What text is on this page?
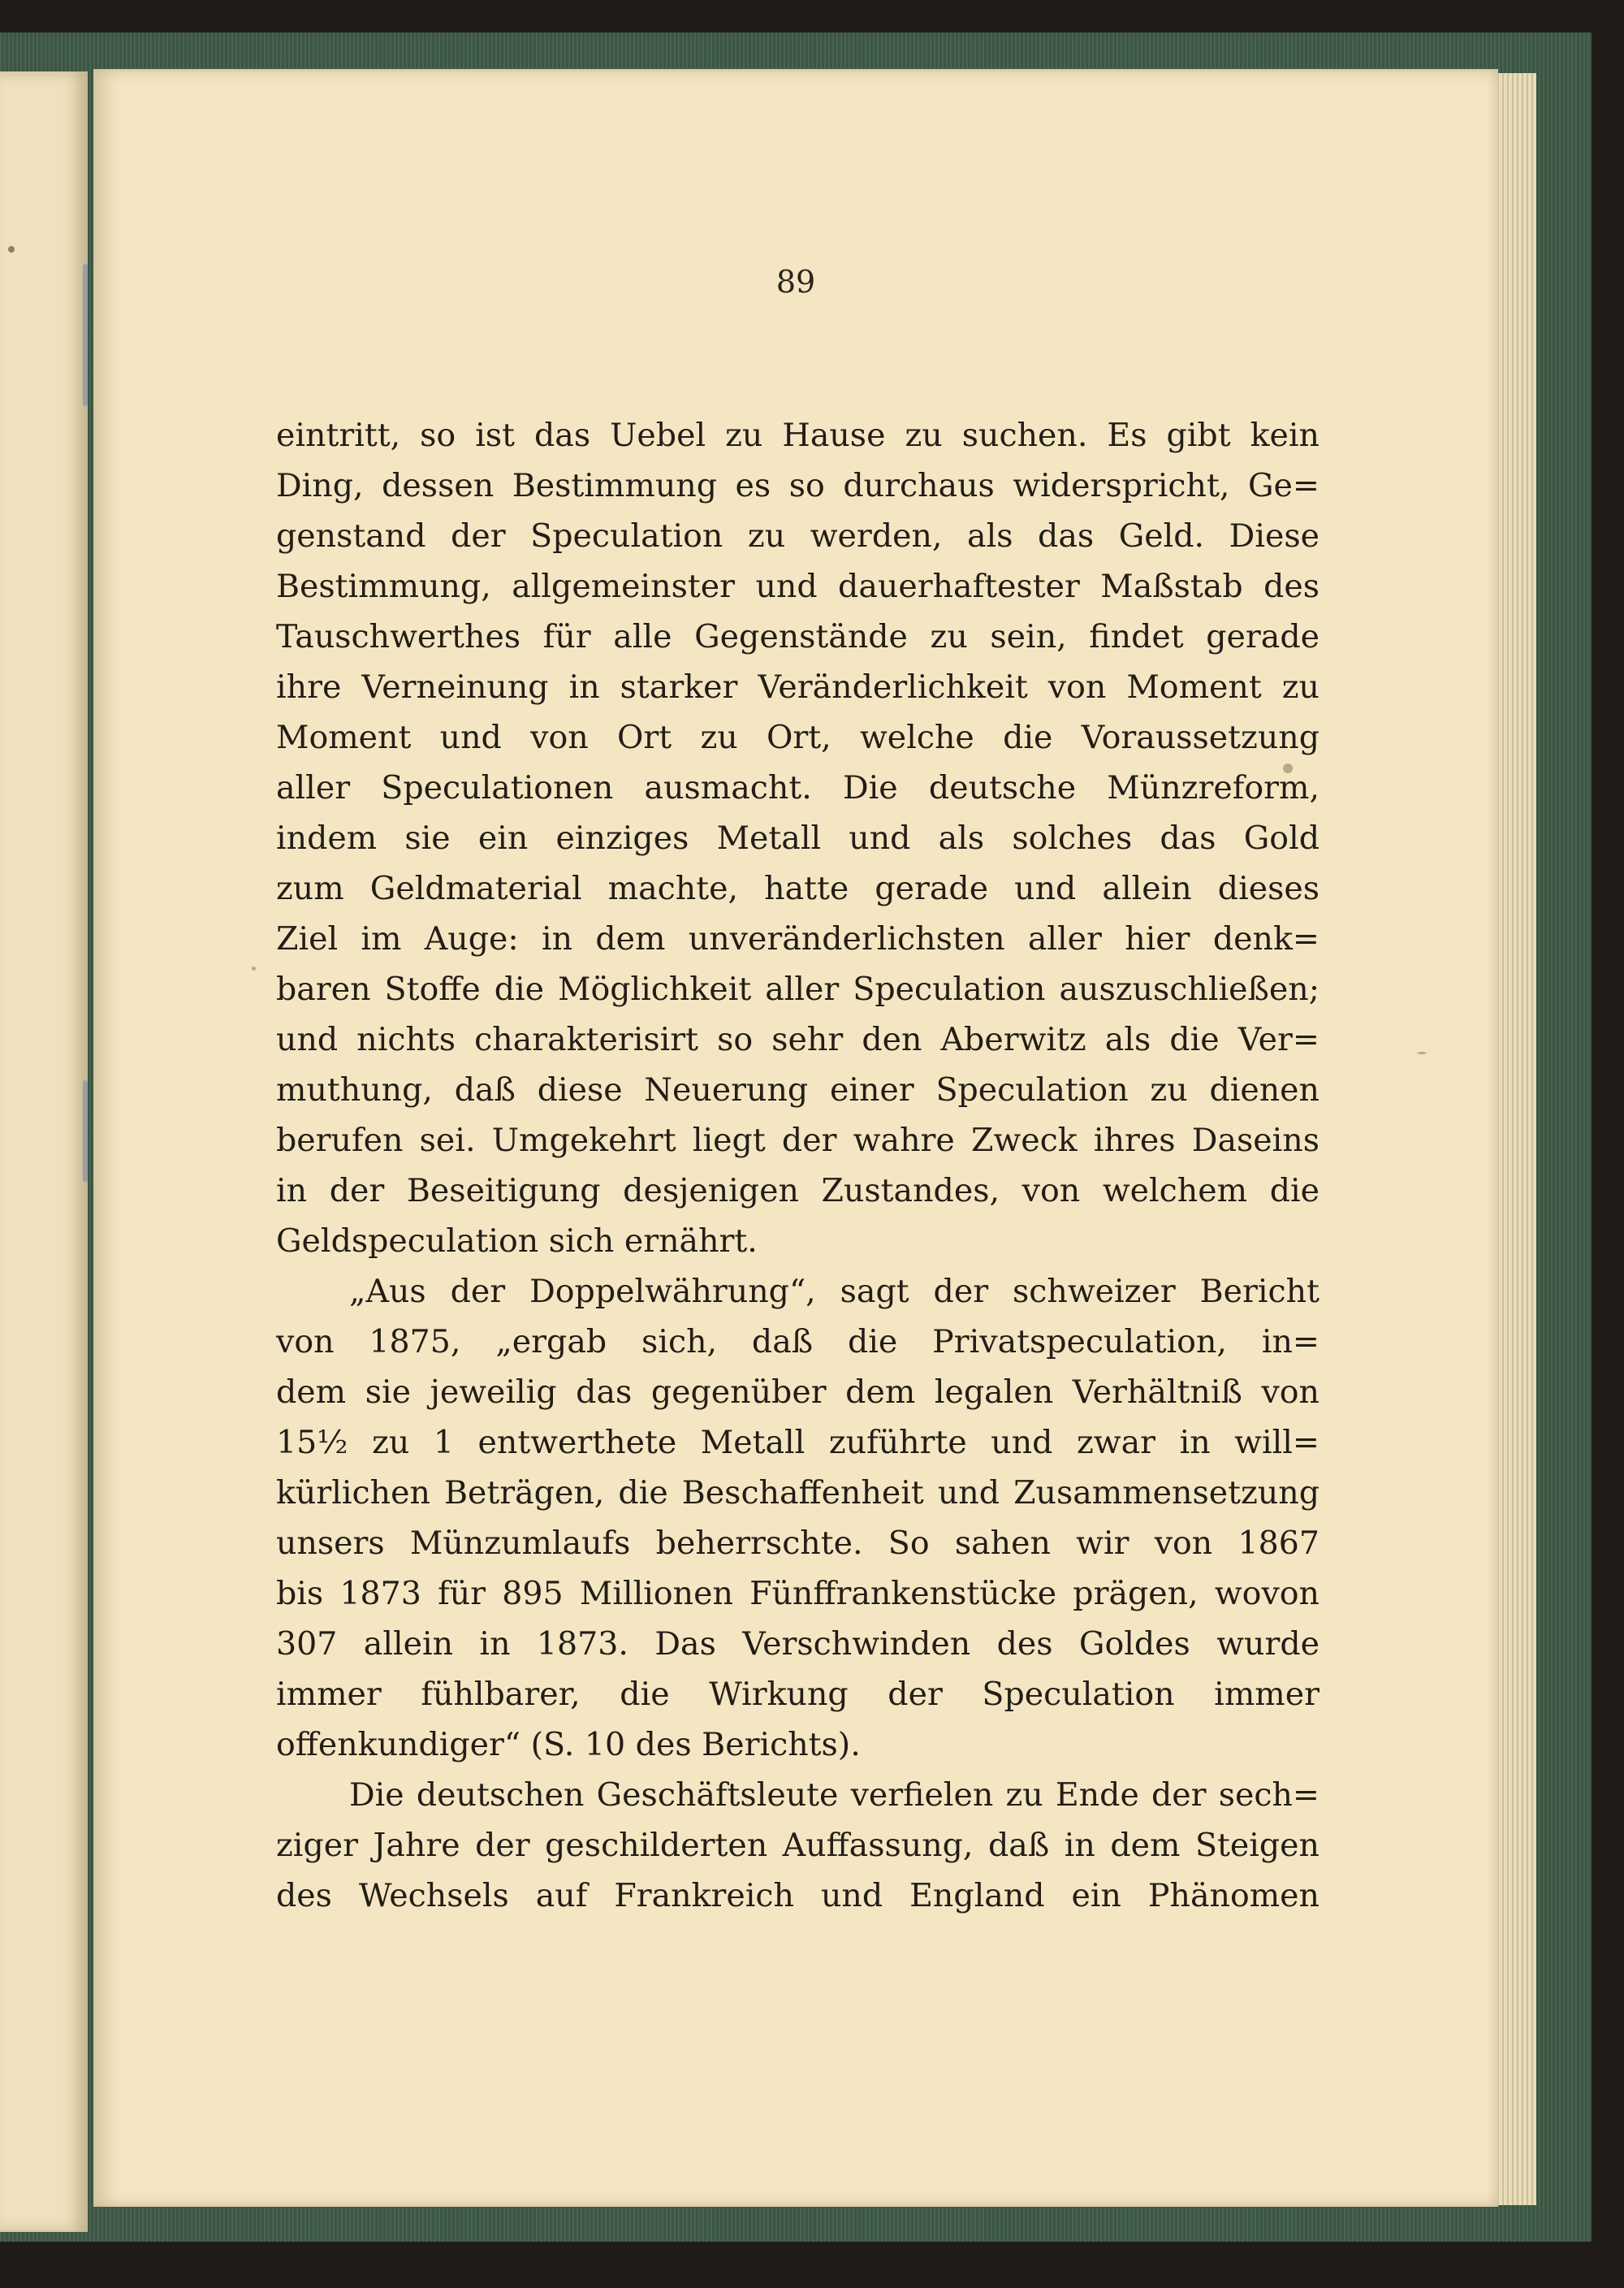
89
eintritt, so ist das Uebel zu Hause zu suchen. Es gibt kein
Ding, dessen Bestimmung es so durchaus widerspricht, Ge=
genstand der Speculation zu werden, als das Geld. Diese
Bestimmung, allgemeinster und dauerhaftester Maßstab des
Tauschwerthes für alle Gegenstände zu sein, findet gerade
ihre Verneinung in starker Veränderlichkeit von Moment zu
Moment und von Ort zu Ort, welche die Voraussetzung
aller Speculationen ausmacht. Die deutsche Münzreform,
indem sie ein einziges Metall und als solches das Gold
zum Geldmaterial machte, hatte gerade und allein dieses
Ziel im Auge: in dem unveränderlichsten aller hier denk=
baren Stoffe die Möglichkeit aller Speculation auszuschließen;
und nichts charakterisirt so sehr den Aberwitz als die Ver=
muthung, daß diese Neuerung einer Speculation zu dienen
berufen sei. Umgekehrt liegt der wahre Zweck ihres Daseins
in der Beseitigung desjenigen Zustandes, von welchem die
Geldspeculation sich ernährt.
„Aus der Doppelwährung“, sagt der schweizer Bericht
von 1875, „ergab sich, daß die Privatspeculation, in=
dem sie jeweilig das gegenüber dem legalen Verhältniß von
15½ zu 1 entwerthete Metall zuführte und zwar in will=
kürlichen Beträgen, die Beschaffenheit und Zusammensetzung
unsers Münzumlaufs beherrschte. So sahen wir von 1867
bis 1873 für 895 Millionen Fünffrankenstücke prägen, wovon
307 allein in 1873. Das Verschwinden des Goldes wurde
immer fühlbarer, die Wirkung der Speculation immer
offenkundiger“ (S. 10 des Berichts).
Die deutschen Geschäftsleute verfielen zu Ende der sech=
ziger Jahre der geschilderten Auffassung, daß in dem Steigen
des Wechsels auf Frankreich und England ein Phänomen
